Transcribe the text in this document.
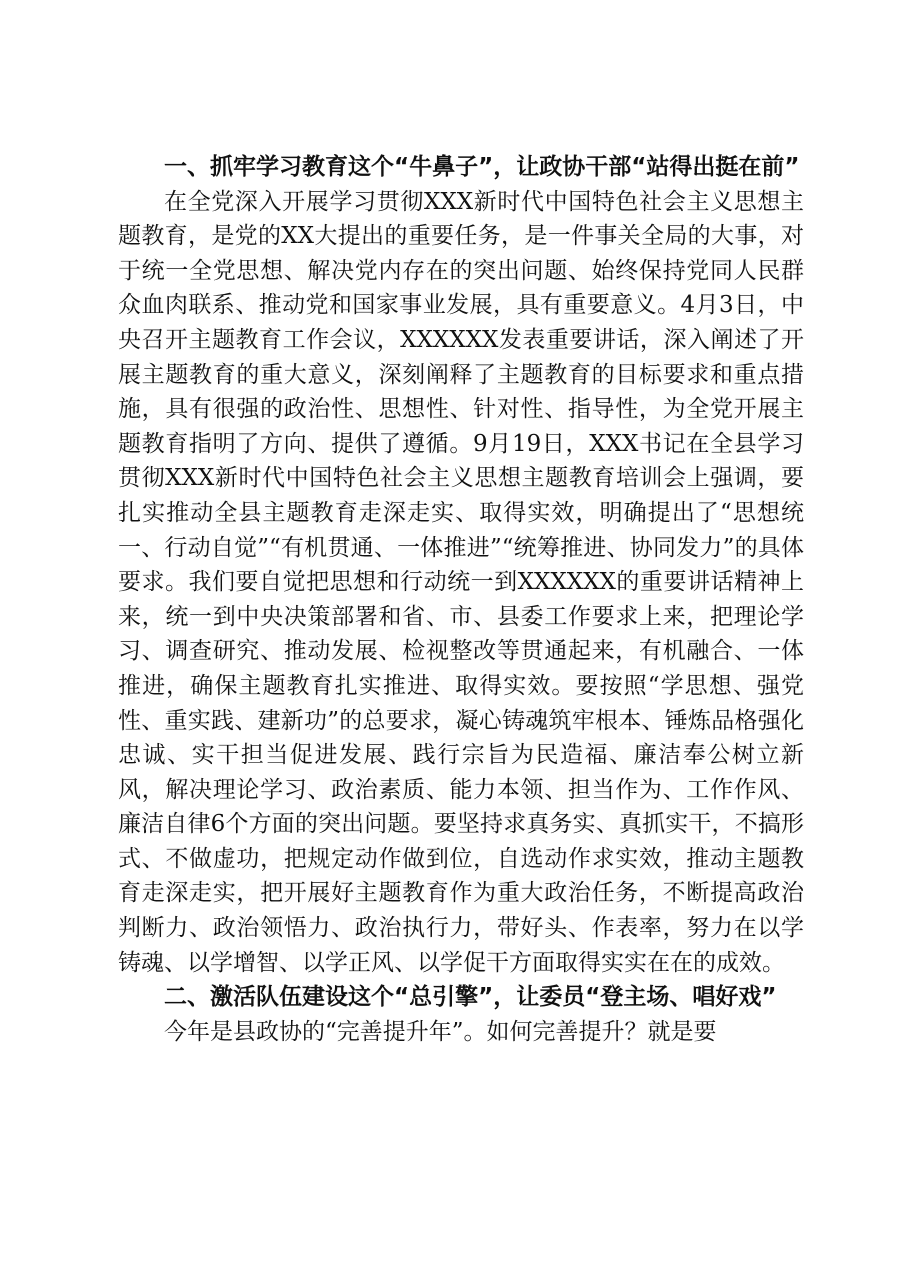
一、抓牢学习教育这个“牛鼻子”，让政协干部“站得出挺在前”

在全党深入开展学习贯彻XXX新时代中国特色社会主义思想主题教育，是党的XX大提出的重要任务，是一件事关全局的大事，对于统一全党思想、解决党内存在的突出问题、始终保持党同人民群众血肉联系、推动党和国家事业发展，具有重要意义。4月3日，中央召开主题教育工作会议，XXXXXX发表重要讲话，深入阐述了开展主题教育的重大意义，深刻阐释了主题教育的目标要求和重点措施，具有很强的政治性、思想性、针对性、指导性，为全党开展主题教育指明了方向、提供了遵循。9月19日，XXX书记在全县学习贯彻XXX新时代中国特色社会主义思想主题教育培训会上强调，要扎实推动全县主题教育走深走实、取得实效，明确提出了“思想统一、行动自觉”“有机贯通、一体推进”“统筹推进、协同发力”的具体要求。我们要自觉把思想和行动统一到XXXXXX的重要讲话精神上来，统一到中央决策部署和省、市、县委工作要求上来，把理论学习、调查研究、推动发展、检视整改等贯通起来，有机融合、一体推进，确保主题教育扎实推进、取得实效。要按照“学思想、强党性、重实践、建新功”的总要求，凝心铸魂筑牢根本、锤炼品格强化忠诚、实干担当促进发展、践行宗旨为民造福、廉洁奉公树立新风，解决理论学习、政治素质、能力本领、担当作为、工作作风、廉洁自律6个方面的突出问题。要坚持求真务实、真抓实干，不搞形式、不做虚功，把规定动作做到位，自选动作求实效，推动主题教育走深走实，把开展好主题教育作为重大政治任务，不断提高政治判断力、政治领悟力、政治执行力，带好头、作表率，努力在以学铸魂、以学增智、以学正风、以学促干方面取得实实在在的成效。

二、激活队伍建设这个“总引擎”，让委员“登主场、唱好戏”

今年是县政协的“完善提升年”。如何完善提升？就是要
